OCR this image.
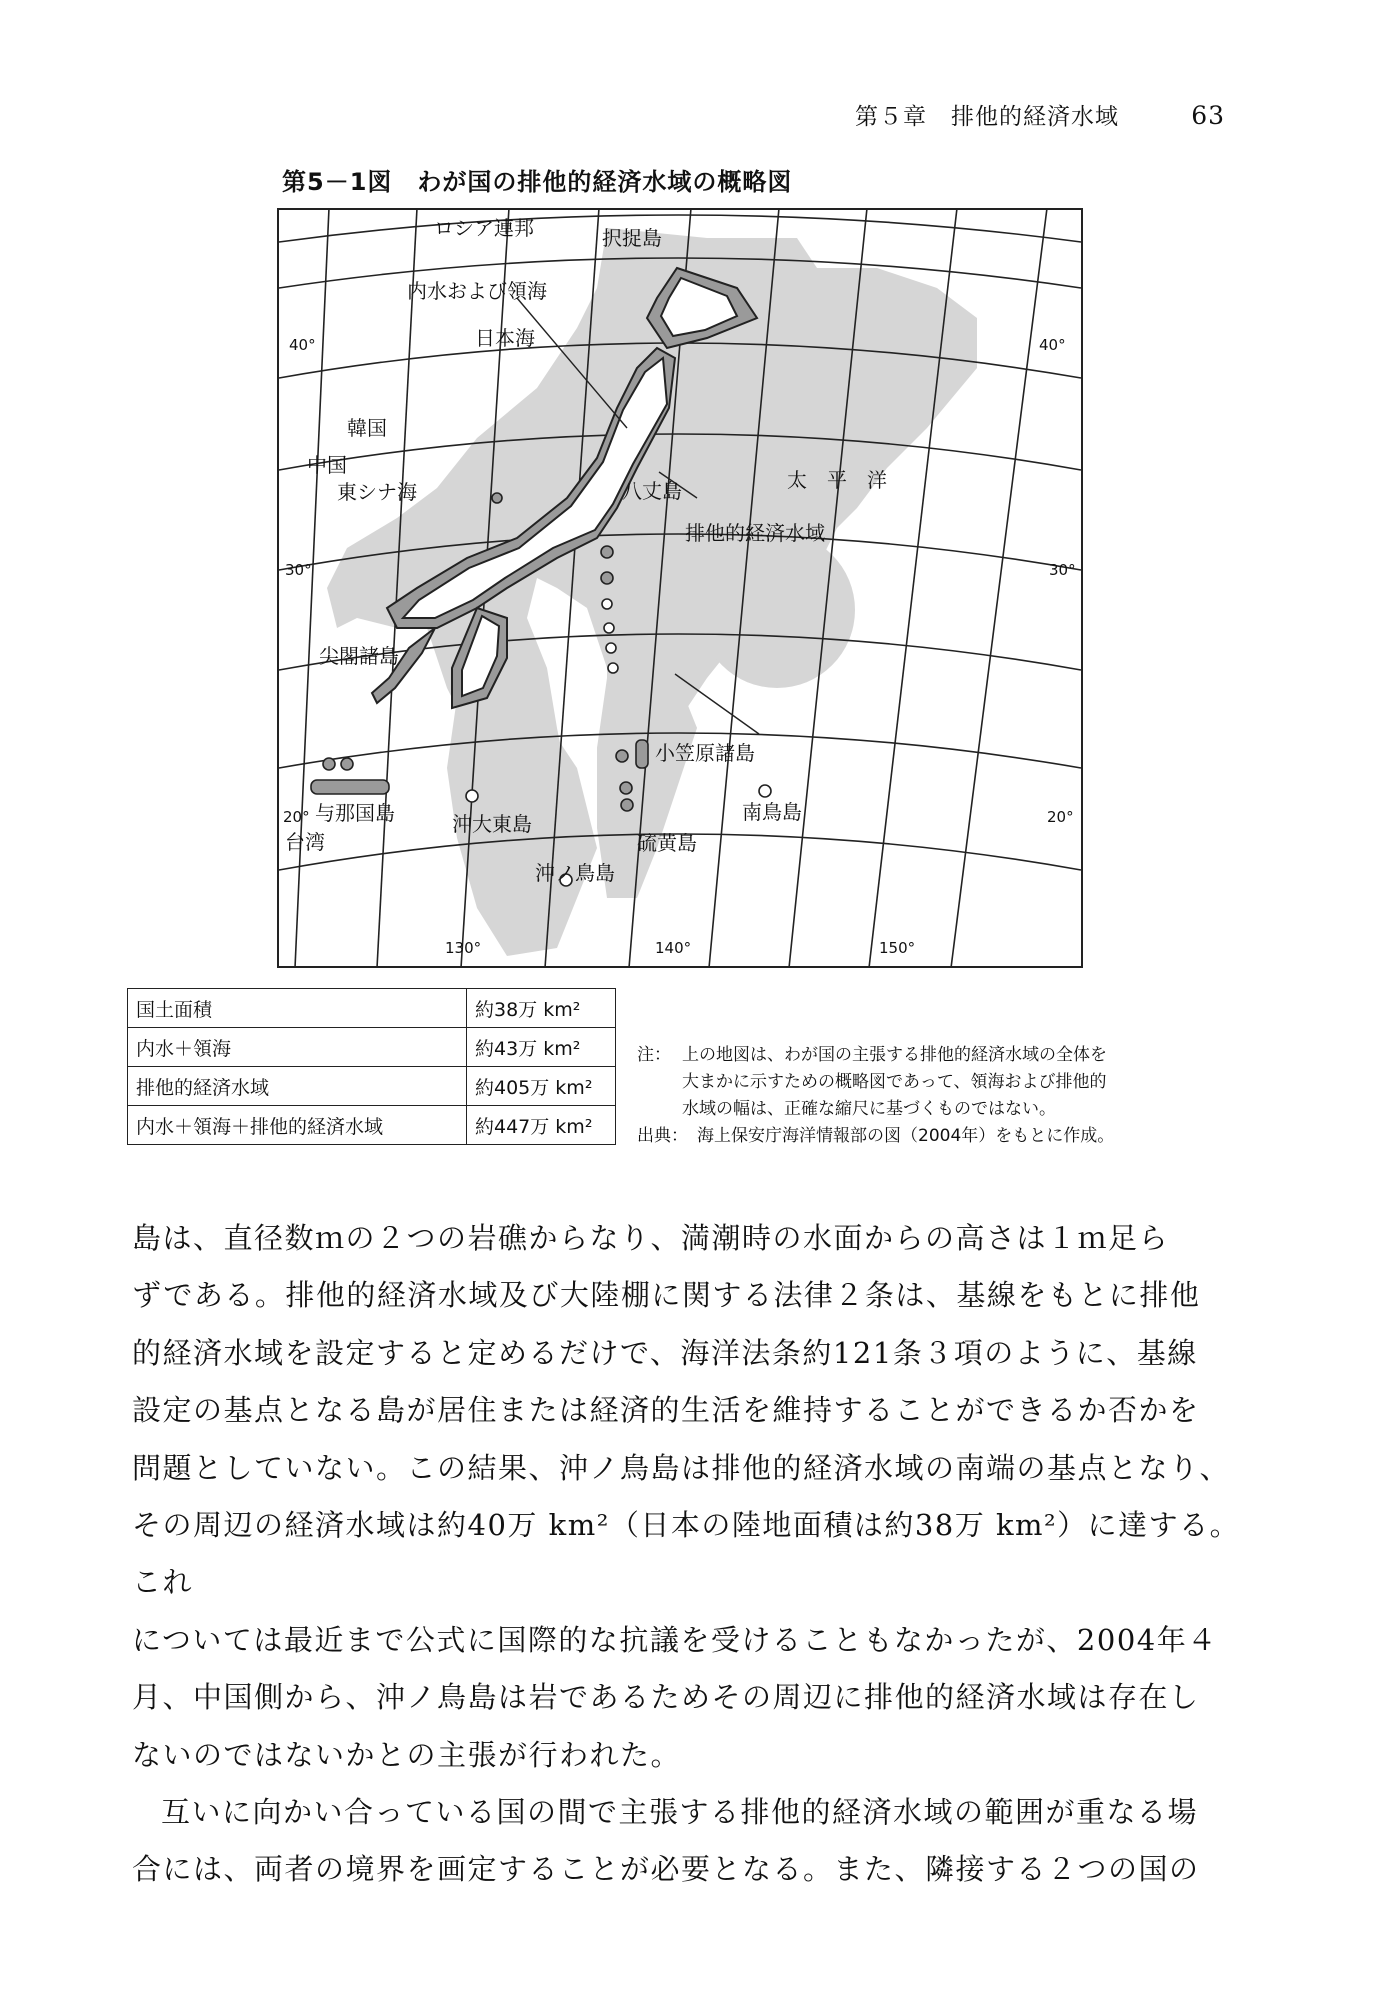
第５章　排他的経済水域	63
第5－1図　わが国の排他的経済水域の概略図
ロシア連邦	択捉島
内水および領海
日本海
韓国
中国
東シナ海	太　平　洋
八丈島
排他的経済水域
尖閣諸島
小笠原諸島
与那国島	沖大東島	南鳥島
台湾	硫黄島
沖ノ鳥島
40°	40°
30°	30°
20°	20°
130°	140°	150°
国土面積	約38万 km²
内水＋領海	約43万 km²
排他的経済水域	約405万 km²
内水＋領海＋排他的経済水域	約447万 km²
注： 上の地図は、わが国の主張する排他的経済水域の全体を
大まかに示すための概略図であって、領海および排他的
水域の幅は、正確な縮尺に基づくものではない。
出典： 海上保安庁海洋情報部の図（2004年）をもとに作成。

島は、直径数ｍの２つの岩礁からなり、満潮時の水面からの高さは１ｍ足ら
ずである。排他的経済水域及び大陸棚に関する法律２条は、基線をもとに排他
的経済水域を設定すると定めるだけで、海洋法条約121条３項のように、基線
設定の基点となる島が居住または経済的生活を維持することができるか否かを
問題としていない。この結果、沖ノ鳥島は排他的経済水域の南端の基点となり、
その周辺の経済水域は約40万 km²（日本の陸地面積は約38万 km²）に達する。これ
については最近まで公式に国際的な抗議を受けることもなかったが、2004年４
月、中国側から、沖ノ鳥島は岩であるためその周辺に排他的経済水域は存在し
ないのではないかとの主張が行われた。

互いに向かい合っている国の間で主張する排他的経済水域の範囲が重なる場
合には、両者の境界を画定することが必要となる。また、隣接する２つの国の
